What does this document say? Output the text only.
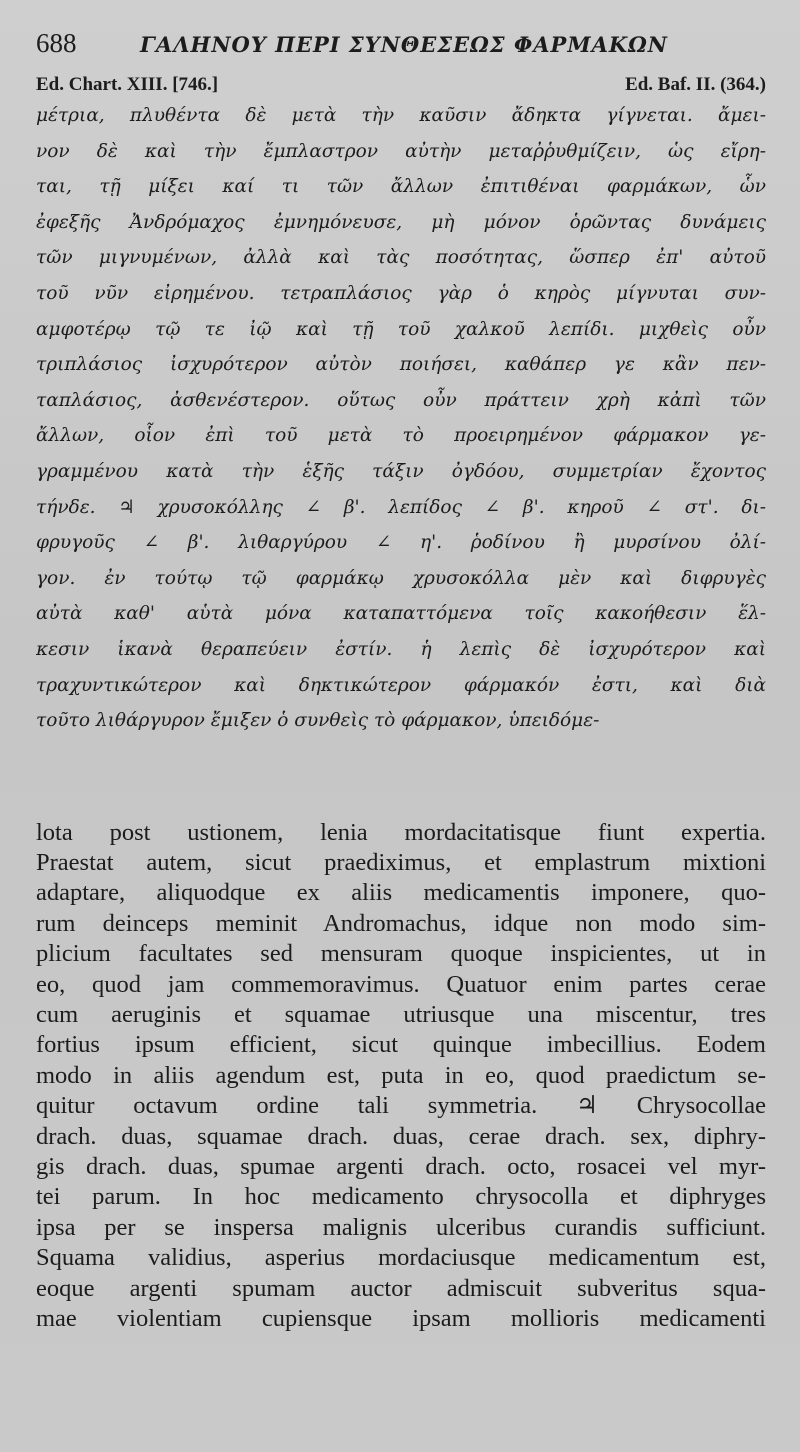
688	ΓΑΛΗΝΟΥ ΠΕΡΙ ΣΥΝΘΕΣΕΩΣ ΦΑΡΜΑΚΩΝ
Ed. Chart. XIII. [746.]	Ed. Baf. II. (364.)
μέτρια, πλυθέντα δὲ μετὰ τὴν καῦσιν ἄδηκτα γίγνεται. ἄμει-
νον δὲ καὶ τὴν ἔμπλαστρον αὐτὴν μεταῤῥυθμίζειν, ὡς εἴρη-
ται, τῇ μίξει καί τι τῶν ἄλλων ἐπιτιθέναι φαρμάκων, ὧν
ἐφεξῆς Ἀνδρόμαχος ἐμνημόνευσε, μὴ μόνον ὁρῶντας δυνάμεις
τῶν μιγνυμένων, ἀλλὰ καὶ τὰς ποσότητας, ὥσπερ ἐπ' αὐτοῦ
τοῦ νῦν εἰρημένου. τετραπλάσιος γὰρ ὁ κηρὸς μίγνυται συν-
αμφοτέρῳ τῷ τε ἰῷ καὶ τῇ τοῦ χαλκοῦ λεπίδι. μιχθεὶς οὖν
τριπλάσιος ἰσχυρότερον αὐτὸν ποιήσει, καθάπερ γε κἂν πεν-
ταπλάσιος, ἀσθενέστερον. οὕτως οὖν πράττειν χρὴ κἀπὶ τῶν
ἄλλων, οἷον ἐπὶ τοῦ μετὰ τὸ προειρημένον φάρμακον γε-
γραμμένου κατὰ τὴν ἑξῆς τάξιν ὀγδόου, συμμετρίαν ἔχοντος
τήνδε. ♃ χρυσοκόλλης ∠ β'. λεπίδος ∠ β'. κηροῦ ∠ στ'. δι-
φρυγοῦς ∠ β'. λιθαργύρου ∠ η'. ῥοδίνου ἢ μυρσίνου ὀλί-
γον. ἐν τούτῳ τῷ φαρμάκῳ χρυσοκόλλα μὲν καὶ διφρυγὲς
αὐτὰ καθ' αὑτὰ μόνα καταπαττόμενα τοῖς κακοήθεσιν ἕλ-
κεσιν ἱκανὰ θεραπεύειν ἐστίν. ἡ λεπὶς δὲ ἰσχυρότερον καὶ
τραχυντικώτερον καὶ δηκτικώτερον φάρμακόν ἐστι, καὶ διὰ
τοῦτο λιθάργυρον ἔμιξεν ὁ συνθεὶς τὸ φάρμακον, ὑπειδόμε-

lota post ustionem, lenia mordacitatisque fiunt expertia.
Praestat autem, sicut praediximus, et emplastrum mixtioni
adaptare, aliquodque ex aliis medicamentis imponere, quo-
rum deinceps meminit Andromachus, idque non modo sim-
plicium facultates sed mensuram quoque inspicientes, ut in
eo, quod jam commemoravimus. Quatuor enim partes cerae
cum aeruginis et squamae utriusque una miscentur, tres
fortius ipsum efficient, sicut quinque imbecillius. Eodem
modo in aliis agendum est, puta in eo, quod praedictum se-
quitur octavum ordine tali symmetria. ♃ Chrysocollae
drach. duas, squamae drach. duas, cerae drach. sex, diphry-
gis drach. duas, spumae argenti drach. octo, rosacei vel myr-
tei parum. In hoc medicamento chrysocolla et diphryges
ipsa per se inspersa malignis ulceribus curandis sufficiunt.
Squama validius, asperius mordaciusque medicamentum est,
eoque argenti spumam auctor admiscuit subveritus squa-
mae violentiam cupiensque ipsam mollioris medicamenti
